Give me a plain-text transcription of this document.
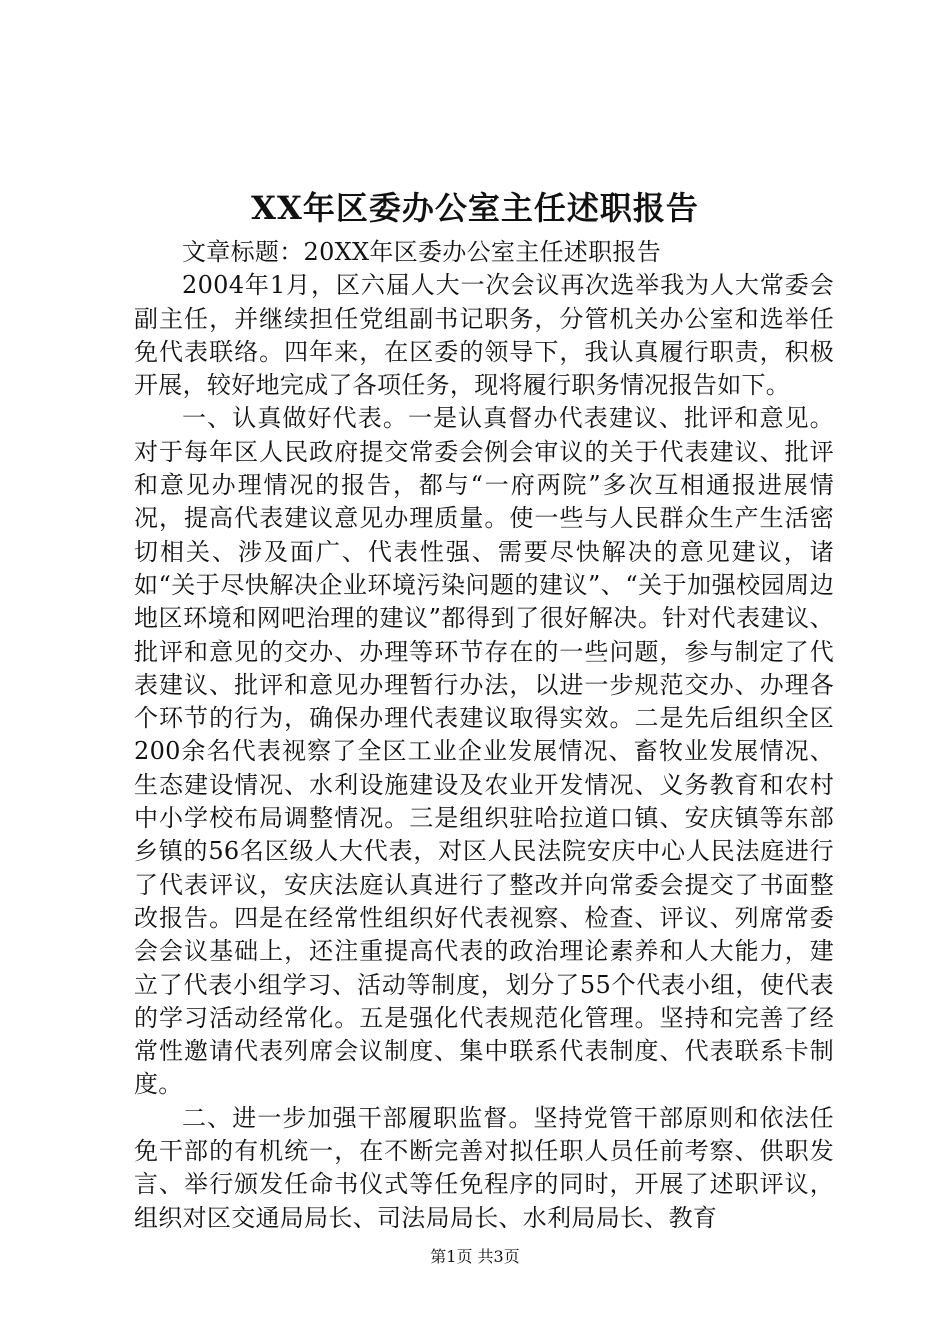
XX年区委办公室主任述职报告

文章标题：20XX年区委办公室主任述职报告

2004年1月，区六届人大一次会议再次选举我为人大常委会副主任，并继续担任党组副书记职务，分管机关办公室和选举任免代表联络。四年来，在区委的领导下，我认真履行职责，积极开展，较好地完成了各项任务，现将履行职务情况报告如下。

一、认真做好代表。一是认真督办代表建议、批评和意见。对于每年区人民政府提交常委会例会审议的关于代表建议、批评和意见办理情况的报告，都与“一府两院”多次互相通报进展情况，提高代表建议意见办理质量。使一些与人民群众生产生活密切相关、涉及面广、代表性强、需要尽快解决的意见建议，诸如“关于尽快解决企业环境污染问题的建议”、“关于加强校园周边地区环境和网吧治理的建议”都得到了很好解决。针对代表建议、批评和意见的交办、办理等环节存在的一些问题，参与制定了代表建议、批评和意见办理暂行办法，以进一步规范交办、办理各个环节的行为，确保办理代表建议取得实效。二是先后组织全区200余名代表视察了全区工业企业发展情况、畜牧业发展情况、生态建设情况、水利设施建设及农业开发情况、义务教育和农村中小学校布局调整情况。三是组织驻哈拉道口镇、安庆镇等东部乡镇的56名区级人大代表，对区人民法院安庆中心人民法庭进行了代表评议，安庆法庭认真进行了整改并向常委会提交了书面整改报告。四是在经常性组织好代表视察、检查、评议、列席常委会会议基础上，还注重提高代表的政治理论素养和人大能力，建立了代表小组学习、活动等制度，划分了55个代表小组，使代表的学习活动经常化。五是强化代表规范化管理。坚持和完善了经常性邀请代表列席会议制度、集中联系代表制度、代表联系卡制度。

二、进一步加强干部履职监督。坚持党管干部原则和依法任免干部的有机统一，在不断完善对拟任职人员任前考察、供职发言、举行颁发任命书仪式等任免程序的同时，开展了述职评议，组织对区交通局局长、司法局局长、水利局局长、教育

第1页 共3页
